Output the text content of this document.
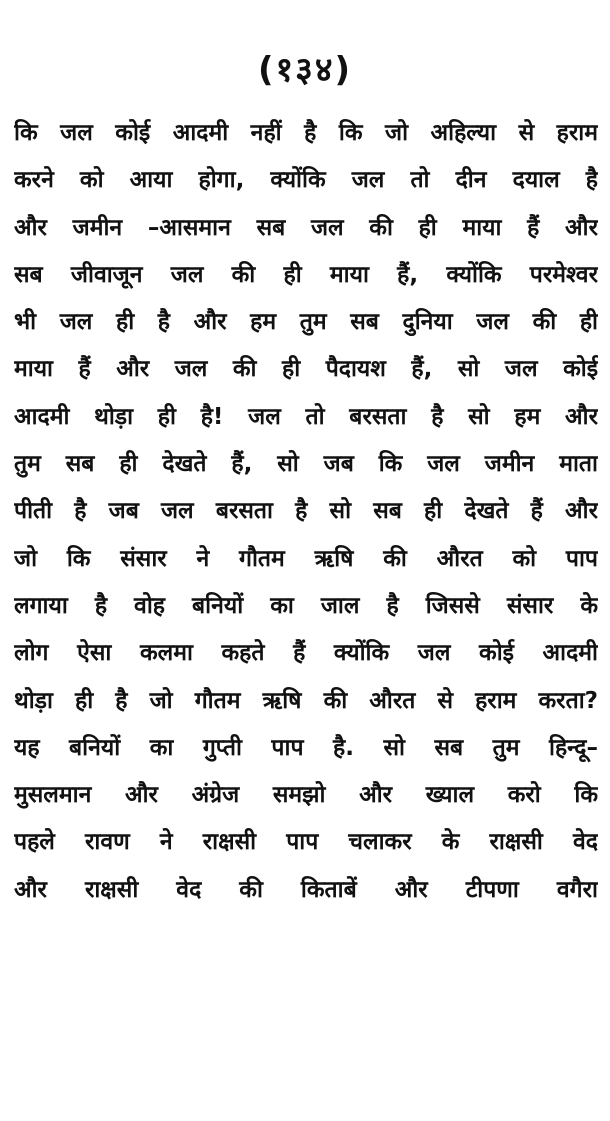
(१३४)
कि जल कोई आदमी नहीं है कि जो अहिल्या से हराम
करने को आया होगा, क्योंकि जल तो दीन दयाल है
और जमीन –आसमान सब जल की ही माया हैं और
सब जीवाजून जल की ही माया हैं, क्योंकि परमेश्वर
भी जल ही है और हम तुम सब दुनिया जल की ही
माया हैं और जल की ही पैदायश हैं, सो जल कोई
आदमी थोड़ा ही है! जल तो बरसता है सो हम और
तुम सब ही देखते हैं, सो जब कि जल जमीन माता
पीती है जब जल बरसता है सो सब ही देखते हैं और
जो कि संसार ने गौतम ऋषि की औरत को पाप
लगाया है वोह बनियों का जाल है जिससे संसार के
लोग ऐसा कलमा कहते हैं क्योंकि जल कोई आदमी
थोड़ा ही है जो गौतम ऋषि की औरत से हराम करता?
यह बनियों का गुप्ती पाप है. सो सब तुम हिन्दू–
मुसलमान और अंग्रेज समझो और ख्याल करो कि
पहले रावण ने राक्षसी पाप चलाकर के राक्षसी वेद
और राक्षसी वेद की किताबें और टीपणा वगैरा
